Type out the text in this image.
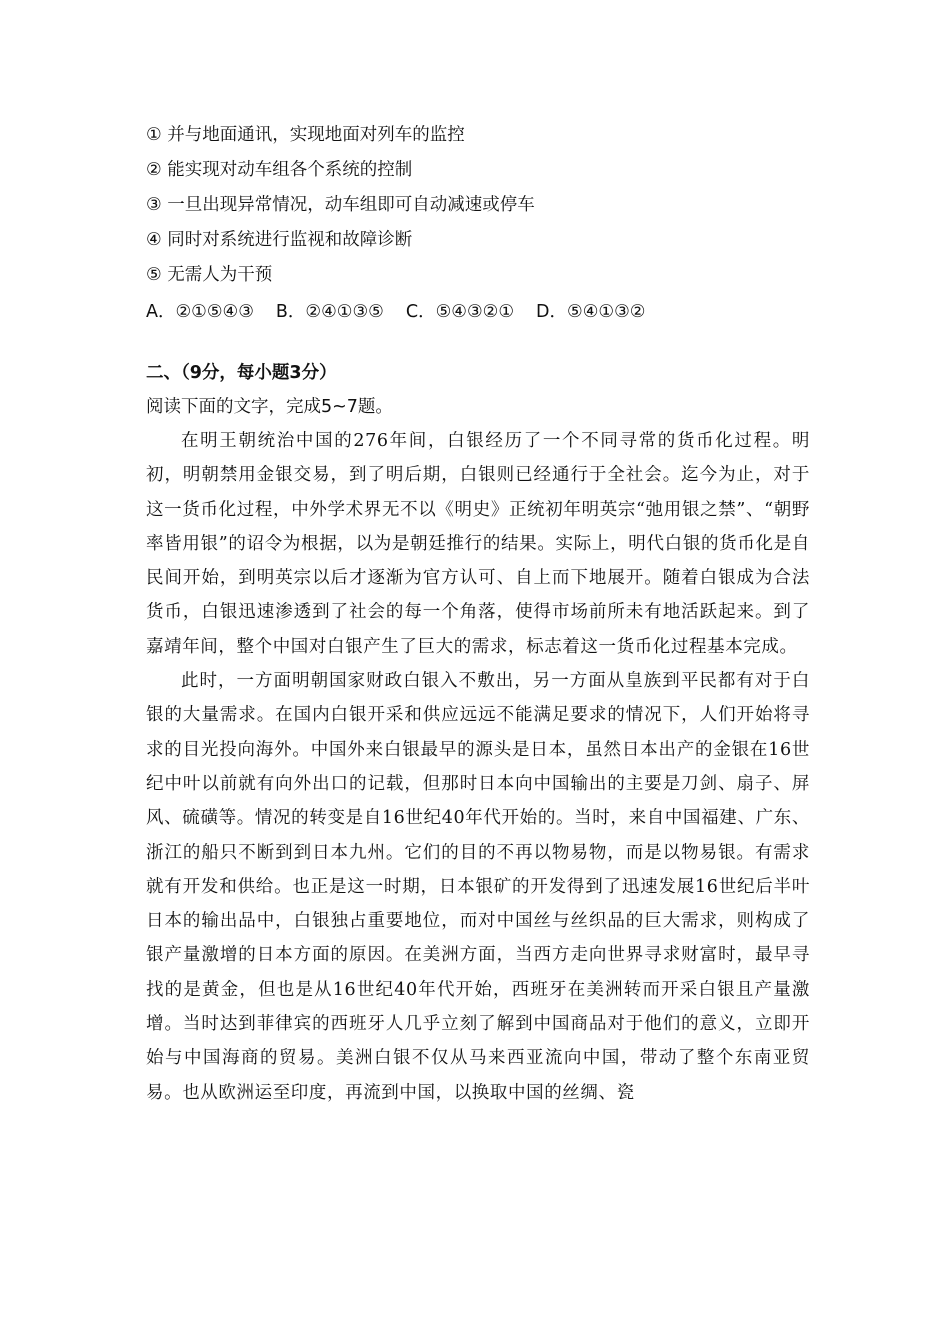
① 并与地面通讯，实现地面对列车的监控
② 能实现对动车组各个系统的控制
③ 一旦出现异常情况，动车组即可自动减速或停车
④ 同时对系统进行监视和故障诊断
⑤ 无需人为干预
A．②①⑤④③ B．②④①③⑤ C．⑤④③②① D．⑤④①③②
二、（9分，每小题3分）
阅读下面的文字，完成5~7题。

在明王朝统治中国的276年间，白银经历了一个不同寻常的货币化过程。明初，明朝禁用金银交易，到了明后期，白银则已经通行于全社会。迄今为止，对于这一货币化过程，中外学术界无不以《明史》正统初年明英宗“弛用银之禁”、“朝野率皆用银”的诏令为根据，以为是朝廷推行的结果。实际上，明代白银的货币化是自民间开始，到明英宗以后才逐渐为官方认可、自上而下地展开。随着白银成为合法货币，白银迅速渗透到了社会的每一个角落，使得市场前所未有地活跃起来。到了嘉靖年间，整个中国对白银产生了巨大的需求，标志着这一货币化过程基本完成。

此时，一方面明朝国家财政白银入不敷出，另一方面从皇族到平民都有对于白银的大量需求。在国内白银开采和供应远远不能满足要求的情况下，人们开始将寻求的目光投向海外。中国外来白银最早的源头是日本，虽然日本出产的金银在16世纪中叶以前就有向外出口的记载，但那时日本向中国输出的主要是刀剑、扇子、屏风、硫磺等。情况的转变是自16世纪40年代开始的。当时，来自中国福建、广东、浙江的船只不断到到日本九州。它们的目的不再以物易物，而是以物易银。有需求就有开发和供给。也正是这一时期，日本银矿的开发得到了迅速发展16世纪后半叶日本的输出品中，白银独占重要地位，而对中国丝与丝织品的巨大需求，则构成了银产量激增的日本方面的原因。在美洲方面，当西方走向世界寻求财富时，最早寻找的是黄金，但也是从16世纪40年代开始，西班牙在美洲转而开采白银且产量激增。当时达到菲律宾的西班牙人几乎立刻了解到中国商品对于他们的意义，立即开始与中国海商的贸易。美洲白银不仅从马来西亚流向中国，带动了整个东南亚贸易。也从欧洲运至印度，再流到中国，以换取中国的丝绸、瓷
